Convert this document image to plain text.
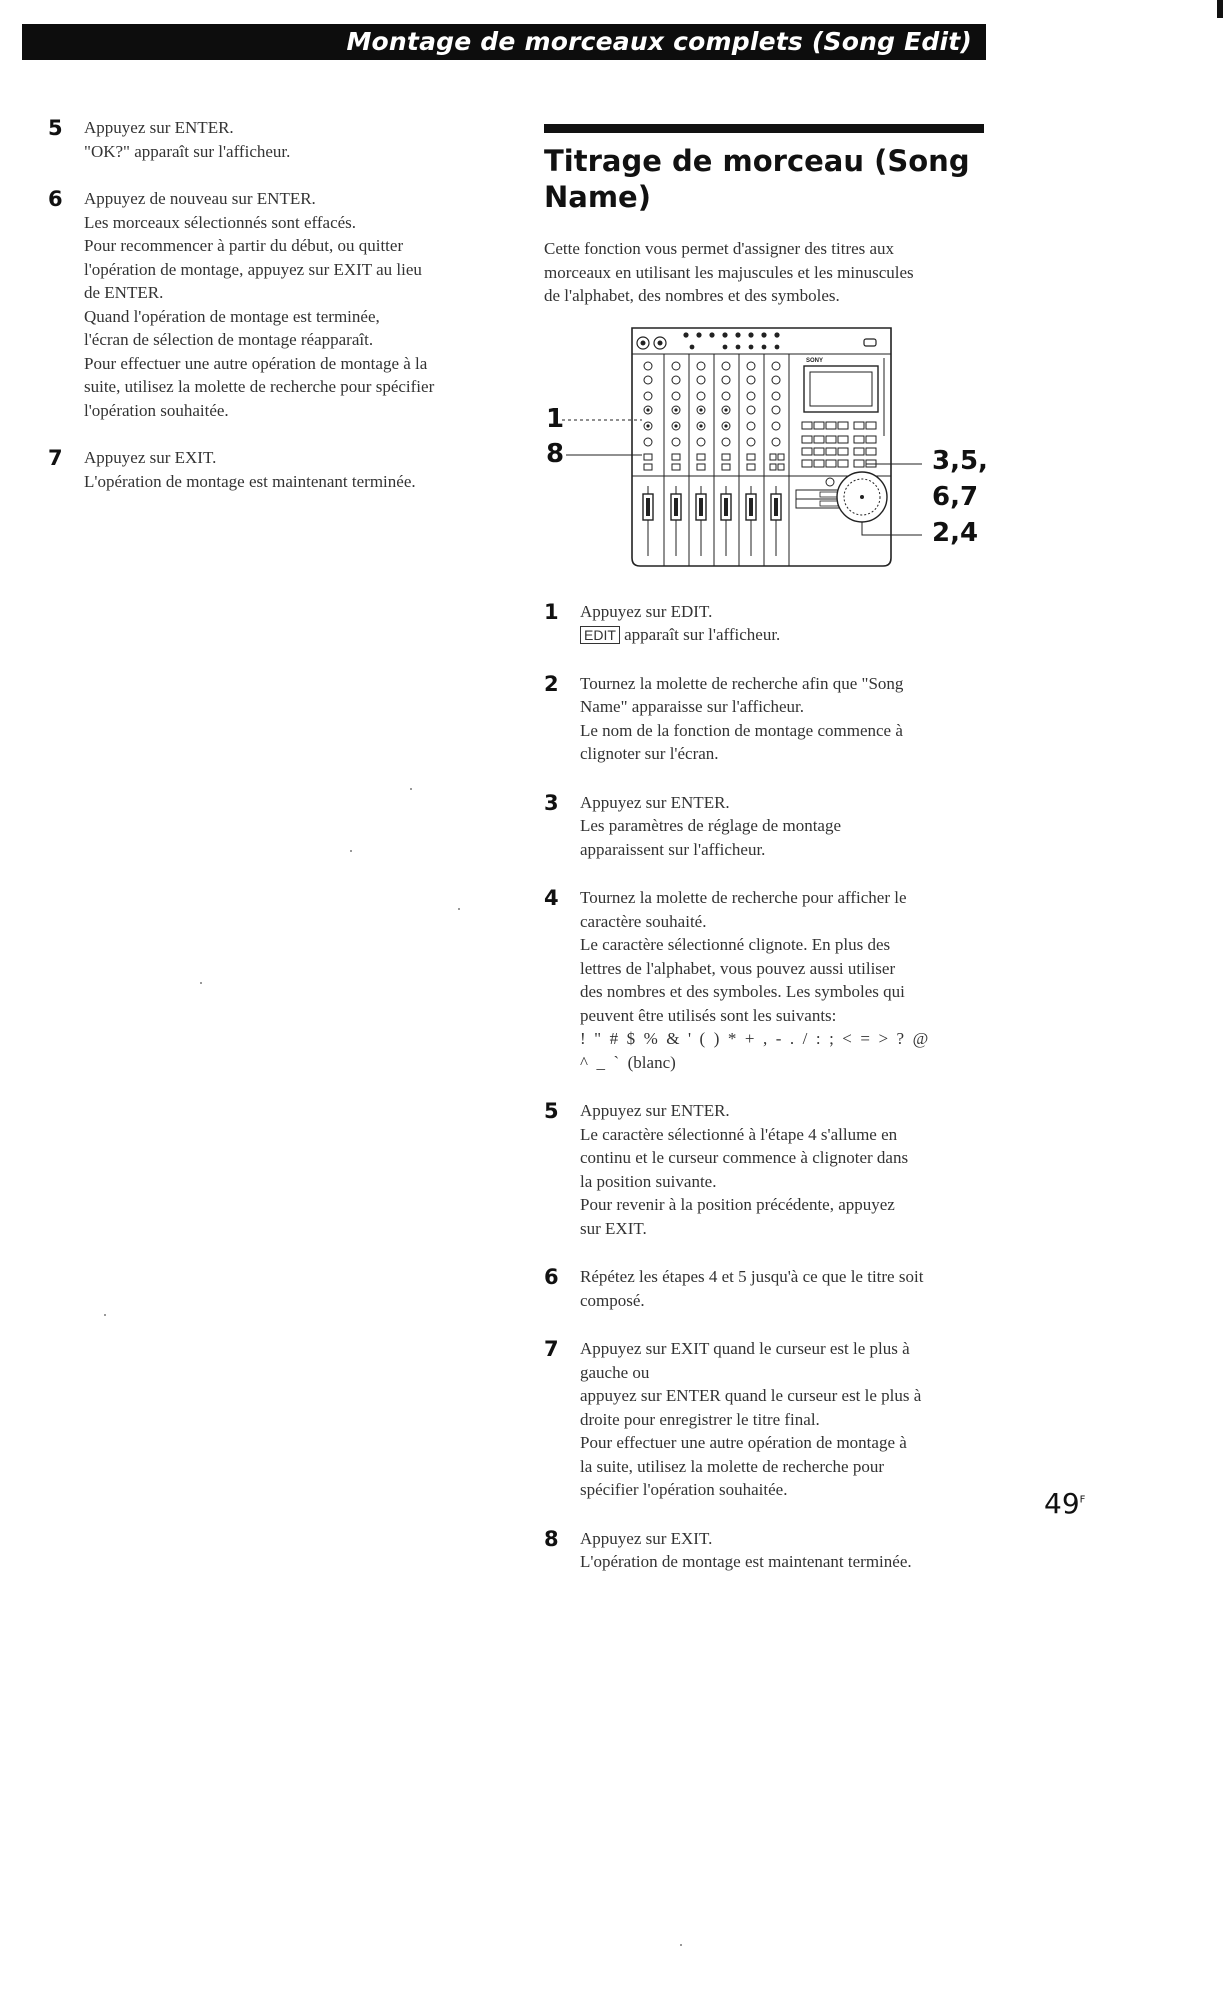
Montage de morceaux complets (Song Edit)
5 Appuyez sur ENTER.

"OK?" apparaît sur l'afficheur.

6 Appuyez de nouveau sur ENTER.

Les morceaux sélectionnés sont effacés.

Pour recommencer à partir du début, ou quitter

l'opération de montage, appuyez sur EXIT au lieu

de ENTER.

Quand l'opération de montage est terminée,

l'écran de sélection de montage réapparaît.

Pour effectuer une autre opération de montage à la

suite, utilisez la molette de recherche pour spécifier

l'opération souhaitée.

7 Appuyez sur EXIT.

L'opération de montage est maintenant terminée.

Titrage de morceau (Song
Name)
Cette fonction vous permet d'assigner des titres aux
morceaux en utilisant les majuscules et les minuscules
de l'alphabet, des nombres et des symboles.
SONY
1
8	3,5,
6,7
2,4
1 Appuyez sur EDIT.

EDIT apparaît sur l'afficheur.

2 Tournez la molette de recherche afin que "Song

Name" apparaisse sur l'afficheur.

Le nom de la fonction de montage commence à

clignoter sur l'écran.

3 Appuyez sur ENTER.

Les paramètres de réglage de montage

apparaissent sur l'afficheur.

4 Tournez la molette de recherche pour afficher le

caractère souhaité.

Le caractère sélectionné clignote. En plus des

lettres de l'alphabet, vous pouvez aussi utiliser

des nombres et des symboles. Les symboles qui

peuvent être utilisés sont les suivants:

!  "  #  $  %  &  '  (  )  *  +  ,  -  .  /  :  ;  <  =  >  ?  @

^  _  `  (blanc)

5 Appuyez sur ENTER.

Le caractère sélectionné à l'étape 4 s'allume en

continu et le curseur commence à clignoter dans

la position suivante.

Pour revenir à la position précédente, appuyez

sur EXIT.

6 Répétez les étapes 4 et 5 jusqu'à ce que le titre soit

composé.

7 Appuyez sur EXIT quand le curseur est le plus à

gauche ou

appuyez sur ENTER quand le curseur est le plus à

droite pour enregistrer le titre final.

Pour effectuer une autre opération de montage à

la suite, utilisez la molette de recherche pour

spécifier l'opération souhaitée.

8 Appuyez sur EXIT.

L'opération de montage est maintenant terminée.

$49^F$
